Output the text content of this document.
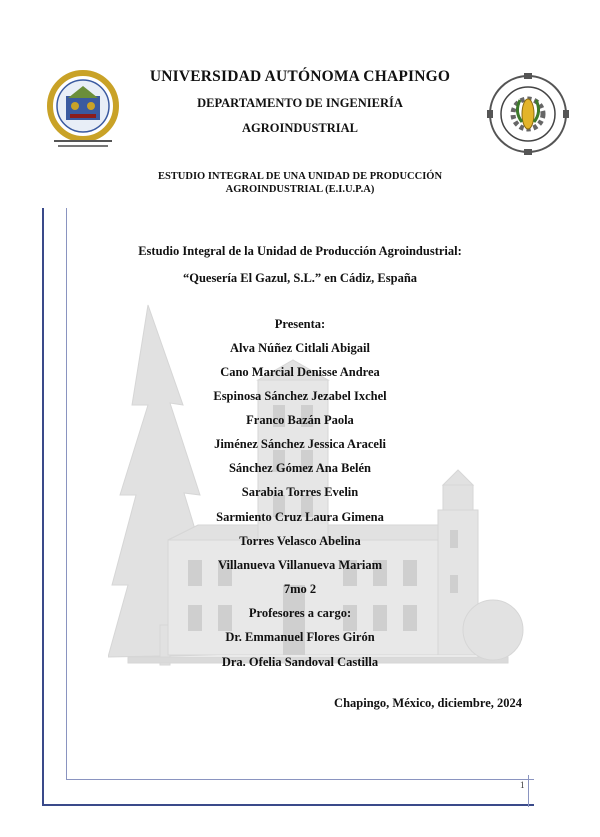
UNIVERSIDAD AUTÓNOMA CHAPINGO
DEPARTAMENTO DE INGENIERÍA
AGROINDUSTRIAL
ESTUDIO INTEGRAL DE UNA UNIDAD DE PRODUCCIÓN
AGROINDUSTRIAL (E.I.U.P.A)
Estudio Integral de la Unidad de Producción Agroindustrial:
“Quesería El Gazul, S.L.” en Cádiz, España
Presenta:
Alva Núñez Citlali Abigail
Cano Marcial Denisse Andrea
Espinosa Sánchez Jezabel Ixchel
Franco Bazán Paola
Jiménez Sánchez Jessica Araceli
Sánchez Gómez Ana Belén
Sarabia Torres Evelin
Sarmiento Cruz Laura Gimena
Torres Velasco Abelina
Villanueva Villanueva Mariam
7mo 2
Profesores a cargo:
Dr. Emmanuel Flores Girón
Dra. Ofelia Sandoval Castilla
Chapingo, México, diciembre, 2024
1
